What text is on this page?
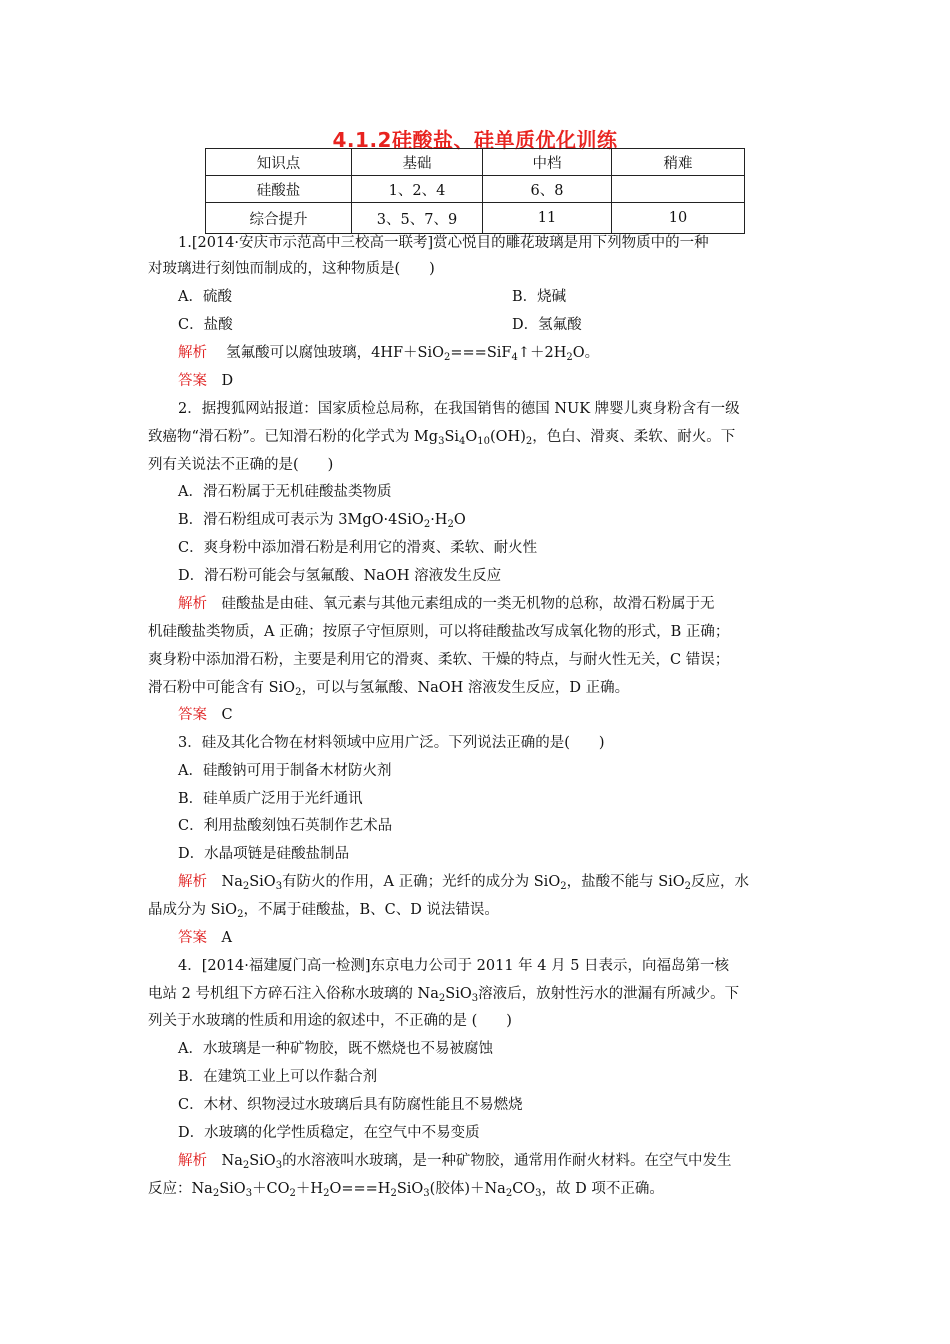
4.1.2硅酸盐、硅单质优化训练
知识点	基础	中档	稍难
硅酸盐	1、2、4	6、8	
综合提升	3、5、7、9	11	10
1.[2014·安庆市示范高中三校高一联考]赏心悦目的雕花玻璃是用下列物质中的一种
对玻璃进行刻蚀而制成的，这种物质是(　　)
A．硫酸	B．烧碱
C．盐酸	D．氢氟酸
解析　 氢氟酸可以腐蚀玻璃，$4HF+SiO_2===SiF_4↑+2H_2O$。
答案　 D
2．据搜狐网站报道：国家质检总局称，在我国销售的德国 NUK 牌婴儿爽身粉含有一级
致癌物“滑石粉”。已知滑石粉的化学式为 $Mg_3Si_4O_{10}(OH)_2$，色白、滑爽、柔软、耐火。下
列有关说法不正确的是(　　)
A．滑石粉属于无机硅酸盐类物质
B．滑石粉组成可表示为 $3MgO\cdot 4SiO_2\cdot H_2O$
C．爽身粉中添加滑石粉是利用它的滑爽、柔软、耐火性
D．滑石粉可能会与氢氟酸、NaOH 溶液发生反应
解析　 硅酸盐是由硅、氧元素与其他元素组成的一类无机物的总称，故滑石粉属于无
机硅酸盐类物质，A 正确；按原子守恒原则，可以将硅酸盐改写成氧化物的形式，B 正确；
爽身粉中添加滑石粉，主要是利用它的滑爽、柔软、干燥的特点，与耐火性无关，C 错误；
滑石粉中可能含有 SiO$_2$，可以与氢氟酸、NaOH 溶液发生反应，D 正确。
答案　 C
3．硅及其化合物在材料领域中应用广泛。下列说法正确的是(　　)
A．硅酸钠可用于制备木材防火剂
B．硅单质广泛用于光纤通讯
C．利用盐酸刻蚀石英制作艺术品
D．水晶项链是硅酸盐制品
解析　 $Na_2SiO_3$有防火的作用，A 正确；光纤的成分为 SiO$_2$，盐酸不能与 SiO$_2$反应，水
晶成分为 SiO$_2$，不属于硅酸盐，B、C、D 说法错误。
答案　 A
4．[2014·福建厦门高一检测]东京电力公司于 2011 年 4 月 5 日表示，向福岛第一核
电站 2 号机组下方碎石注入俗称水玻璃的 $Na_2SiO_3$溶液后，放射性污水的泄漏有所减少。下
列关于水玻璃的性质和用途的叙述中，不正确的是 (　　)
A．水玻璃是一种矿物胶，既不燃烧也不易被腐蚀
B．在建筑工业上可以作黏合剂
C．木材、织物浸过水玻璃后具有防腐性能且不易燃烧
D．水玻璃的化学性质稳定，在空气中不易变质
解析　 $Na_2SiO_3$的水溶液叫水玻璃，是一种矿物胶，通常用作耐火材料。在空气中发生
反应：$Na_2SiO_3+CO_2+H_2O===H_2SiO_3$(胶体)$+Na_2CO_3$，故 D 项不正确。
